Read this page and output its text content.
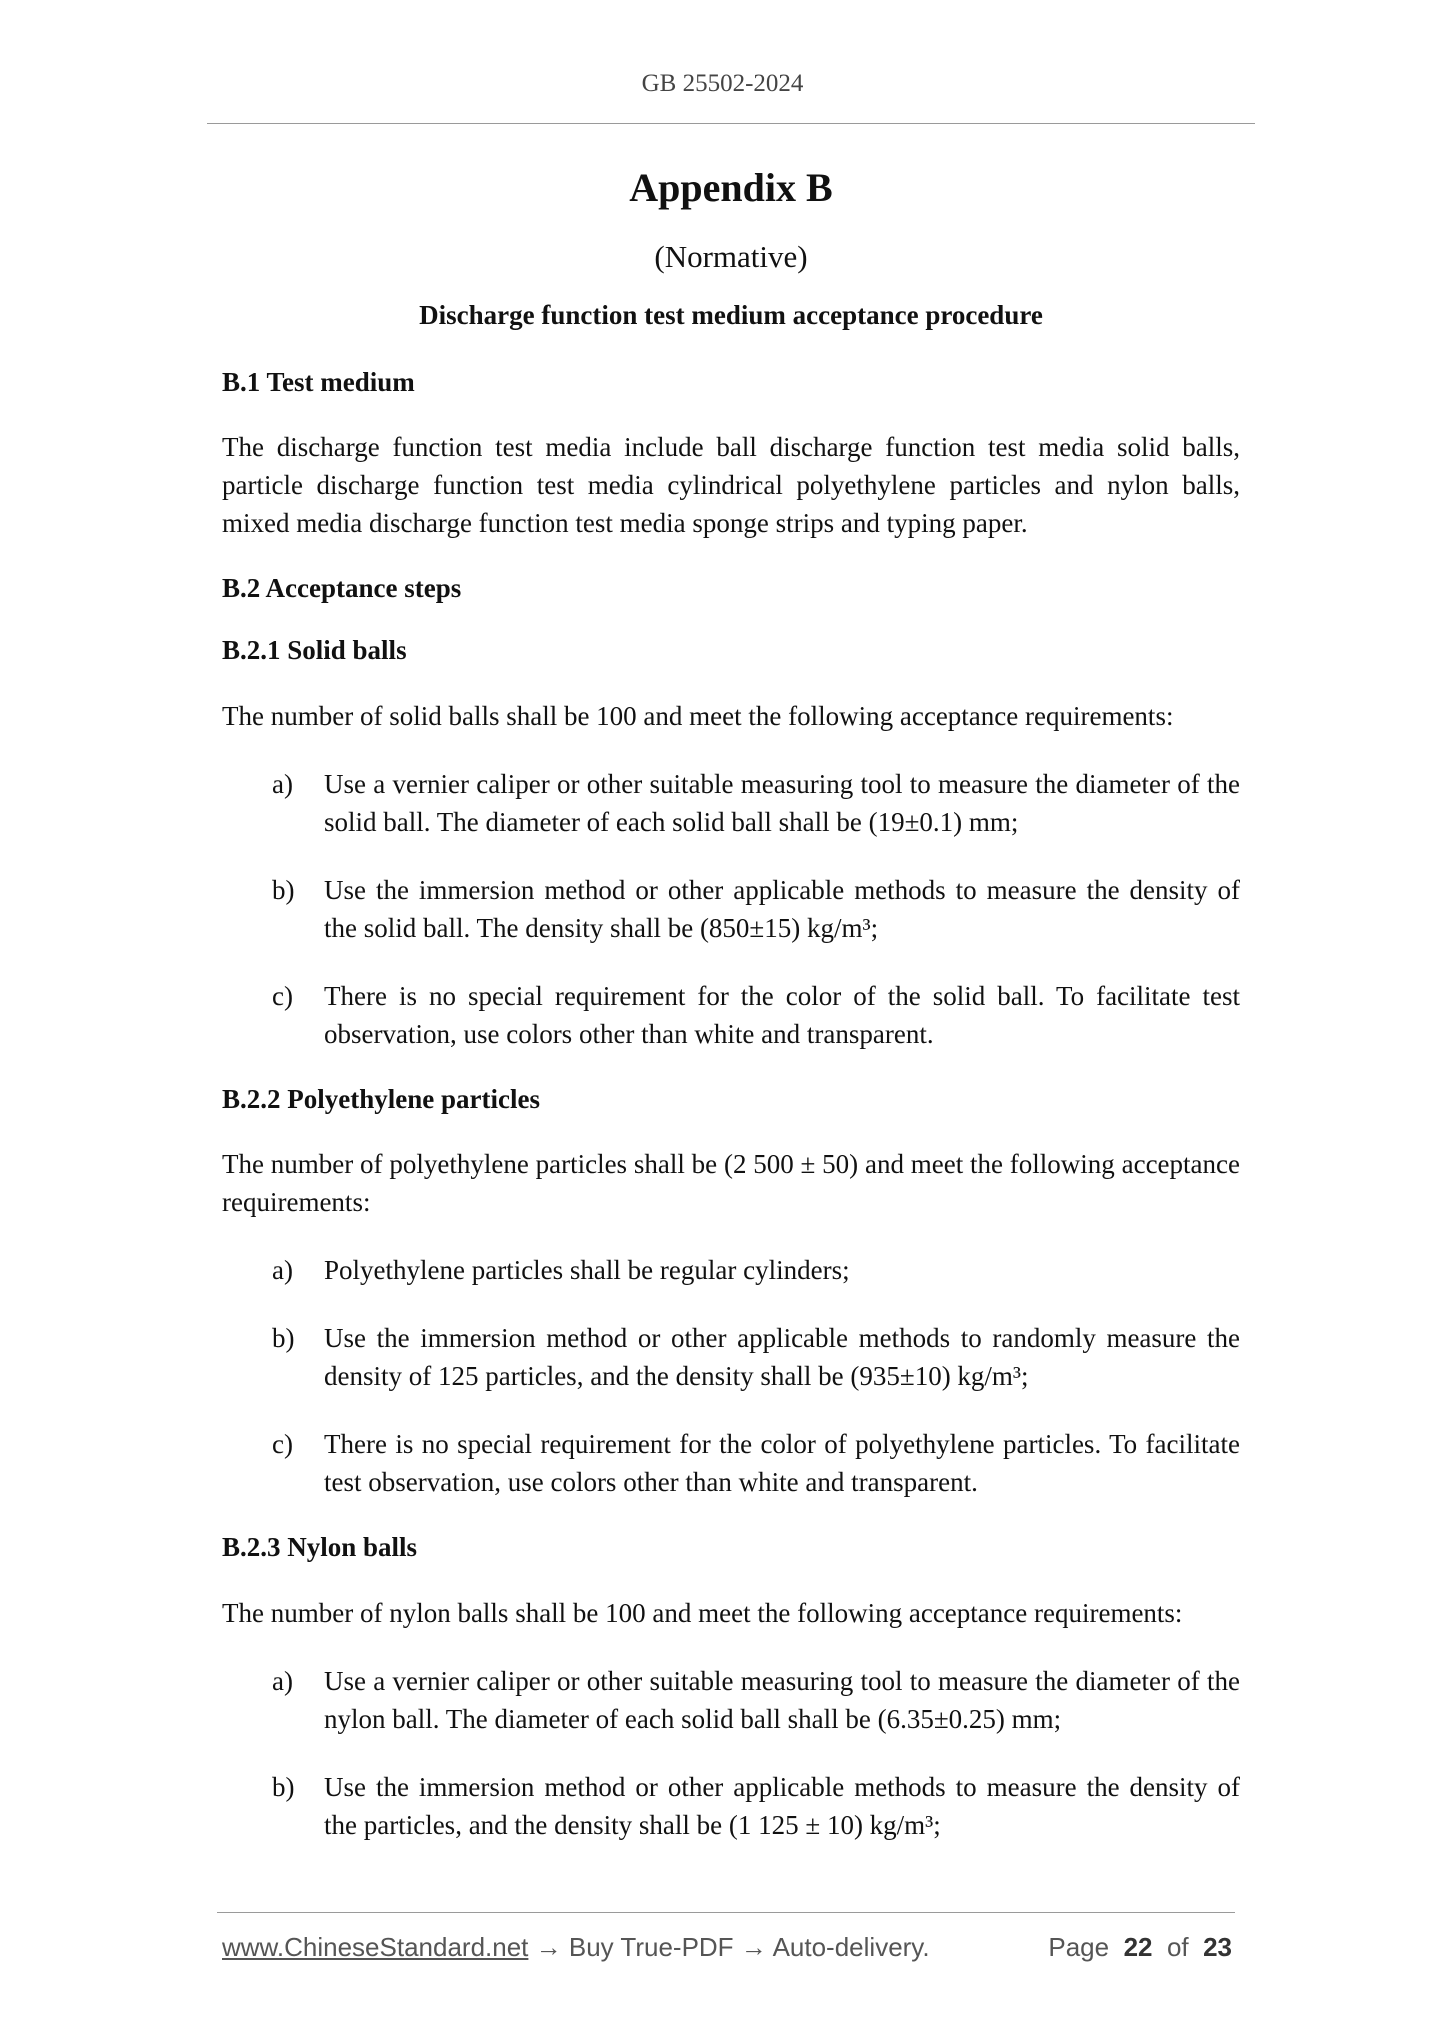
GB 25502-2024
Appendix B
(Normative)
Discharge function test medium acceptance procedure
B.1 Test medium
The discharge function test media include ball discharge function test media solid balls, particle discharge function test media cylindrical polyethylene particles and nylon balls, mixed media discharge function test media sponge strips and typing paper.
B.2 Acceptance steps
B.2.1 Solid balls
The number of solid balls shall be 100 and meet the following acceptance requirements:
a) Use a vernier caliper or other suitable measuring tool to measure the diameter of the solid ball. The diameter of each solid ball shall be (19±0.1) mm;
b) Use the immersion method or other applicable methods to measure the density of the solid ball. The density shall be (850±15) kg/m³;
c) There is no special requirement for the color of the solid ball. To facilitate test observation, use colors other than white and transparent.
B.2.2 Polyethylene particles
The number of polyethylene particles shall be (2 500 ± 50) and meet the following acceptance requirements:
a) Polyethylene particles shall be regular cylinders;
b) Use the immersion method or other applicable methods to randomly measure the density of 125 particles, and the density shall be (935±10) kg/m³;
c) There is no special requirement for the color of polyethylene particles. To facilitate test observation, use colors other than white and transparent.
B.2.3 Nylon balls
The number of nylon balls shall be 100 and meet the following acceptance requirements:
a) Use a vernier caliper or other suitable measuring tool to measure the diameter of the nylon ball. The diameter of each solid ball shall be (6.35±0.25) mm;
b) Use the immersion method or other applicable methods to measure the density of the particles, and the density shall be (1 125 ± 10) kg/m³;
www.ChineseStandard.net → Buy True-PDF → Auto-delivery.	Page 22 of 23
